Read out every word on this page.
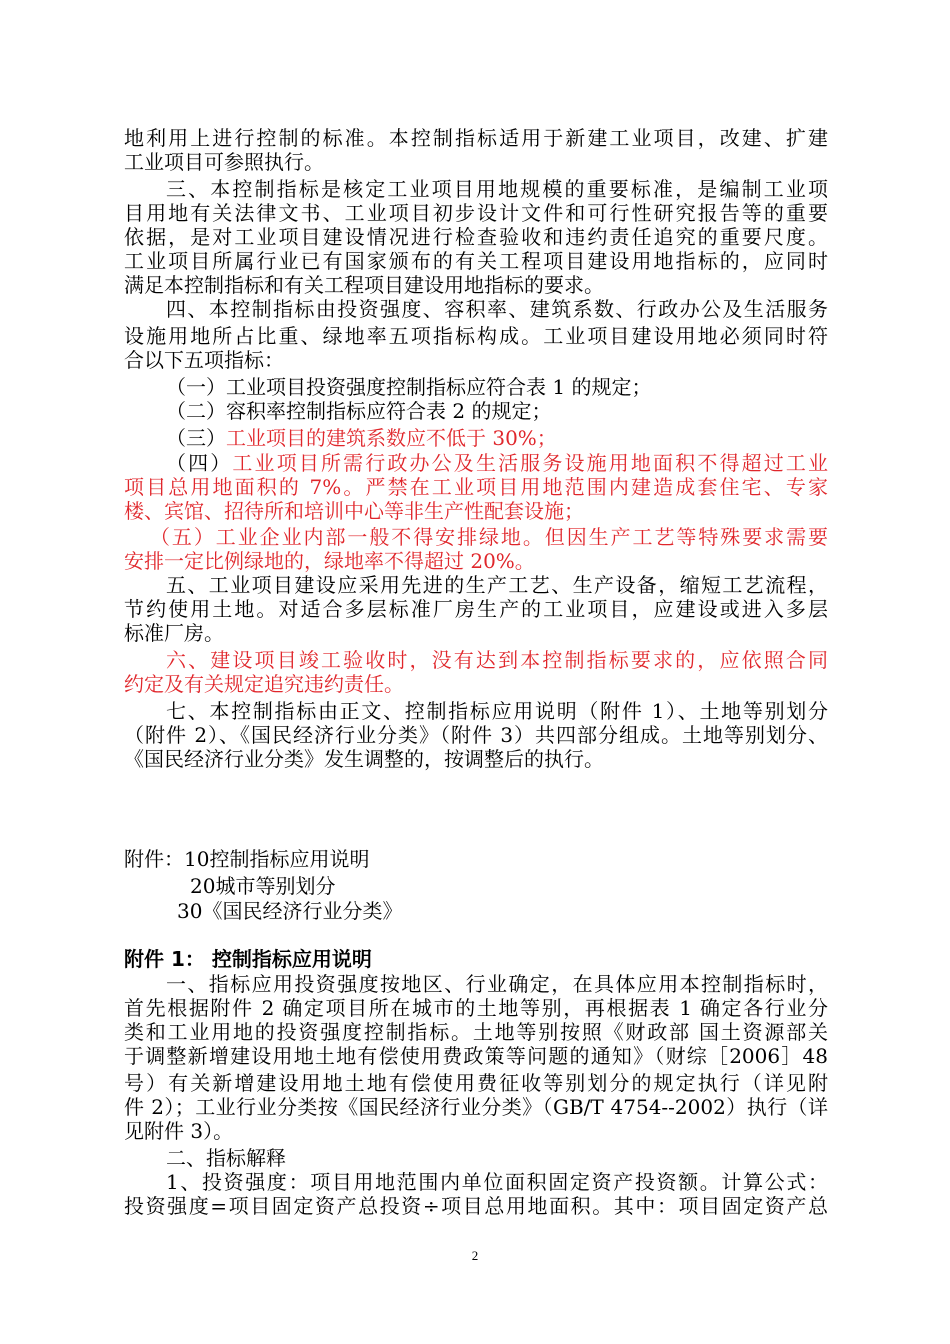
地利用上进行控制的标准。本控制指标适用于新建工业项目，改建、扩建
工业项目可参照执行。
三、本控制指标是核定工业项目用地规模的重要标准，是编制工业项
目用地有关法律文书、工业项目初步设计文件和可行性研究报告等的重要
依据，是对工业项目建设情况进行检查验收和违约责任追究的重要尺度。
工业项目所属行业已有国家颁布的有关工程项目建设用地指标的，应同时
满足本控制指标和有关工程项目建设用地指标的要求。
四、本控制指标由投资强度、容积率、建筑系数、行政办公及生活服务
设施用地所占比重、绿地率五项指标构成。工业项目建设用地必须同时符
合以下五项指标：
（一）工业项目投资强度控制指标应符合表 1 的规定；
（二）容积率控制指标应符合表 2 的规定；
（三）工业项目的建筑系数应不低于 30%；
（四）工业项目所需行政办公及生活服务设施用地面积不得超过工业
项目总用地面积的 7%。严禁在工业项目用地范围内建造成套住宅、专家
楼、宾馆、招待所和培训中心等非生产性配套设施；
（五）工业企业内部一般不得安排绿地。但因生产工艺等特殊要求需要
安排一定比例绿地的，绿地率不得超过 20%。
五、工业项目建设应采用先进的生产工艺、生产设备，缩短工艺流程，
节约使用土地。对适合多层标准厂房生产的工业项目，应建设或进入多层
标准厂房。
六、建设项目竣工验收时，没有达到本控制指标要求的，应依照合同
约定及有关规定追究违约责任。
七、本控制指标由正文、控制指标应用说明（附件 1）、土地等别划分
（附件 2）、《国民经济行业分类》（附件 3）共四部分组成。土地等别划分、
《国民经济行业分类》发生调整的，按调整后的执行。
附件：10控制指标应用说明
20城市等别划分
30《国民经济行业分类》
附件 1： 控制指标应用说明
一、指标应用投资强度按地区、行业确定，在具体应用本控制指标时，
首先根据附件 2 确定项目所在城市的土地等别，再根据表 1 确定各行业分
类和工业用地的投资强度控制指标。土地等别按照《财政部 国土资源部关
于调整新增建设用地土地有偿使用费政策等问题的通知》（财综［2006］48
号）有关新增建设用地土地有偿使用费征收等别划分的规定执行（详见附
件 2）；工业行业分类按《国民经济行业分类》（GB/T 4754--2002）执行（详
见附件 3）。
二、指标解释
1、投资强度：项目用地范围内单位面积固定资产投资额。计算公式：
投资强度=项目固定资产总投资÷项目总用地面积。其中：项目固定资产总
2
